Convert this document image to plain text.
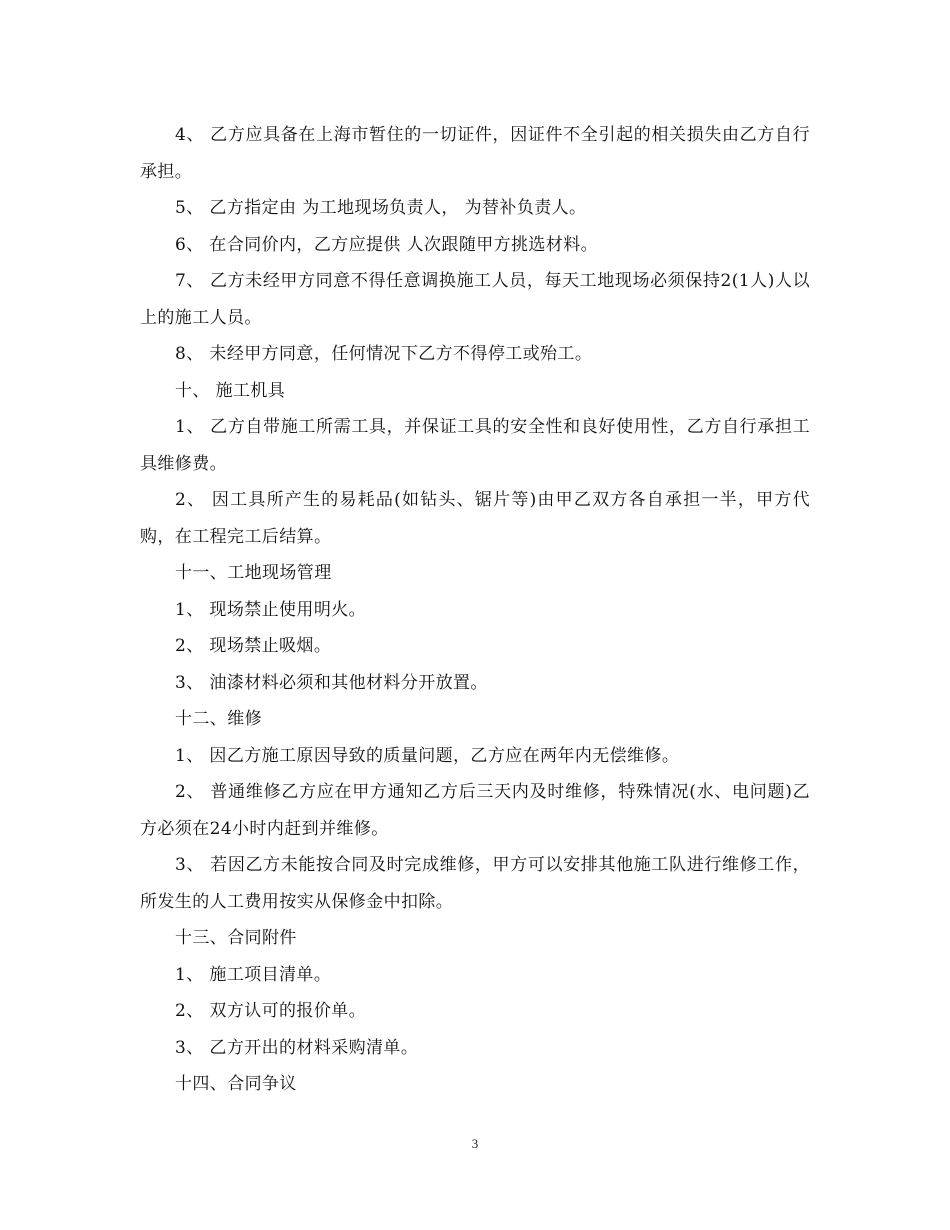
4、 乙方应具备在上海市暂住的一切证件，因证件不全引起的相关损失由乙方自行承担。

5、 乙方指定由 为工地现场负责人， 为替补负责人。

6、 在合同价内，乙方应提供 人次跟随甲方挑选材料。

7、 乙方未经甲方同意不得任意调换施工人员，每天工地现场必须保持2(1人)人以上的施工人员。

8、 未经甲方同意，任何情况下乙方不得停工或殆工。

十、 施工机具

1、 乙方自带施工所需工具，并保证工具的安全性和良好使用性，乙方自行承担工具维修费。

2、 因工具所产生的易耗品(如钻头、锯片等)由甲乙双方各自承担一半，甲方代购，在工程完工后结算。

十一、工地现场管理

1、 现场禁止使用明火。

2、 现场禁止吸烟。

3、 油漆材料必须和其他材料分开放置。

十二、维修

1、 因乙方施工原因导致的质量问题，乙方应在两年内无偿维修。

2、 普通维修乙方应在甲方通知乙方后三天内及时维修，特殊情况(水、电问题)乙方必须在24小时内赶到并维修。

3、 若因乙方未能按合同及时完成维修，甲方可以安排其他施工队进行维修工作，所发生的人工费用按实从保修金中扣除。

十三、合同附件

1、 施工项目清单。

2、 双方认可的报价单。

3、 乙方开出的材料采购清单。

十四、合同争议

3
